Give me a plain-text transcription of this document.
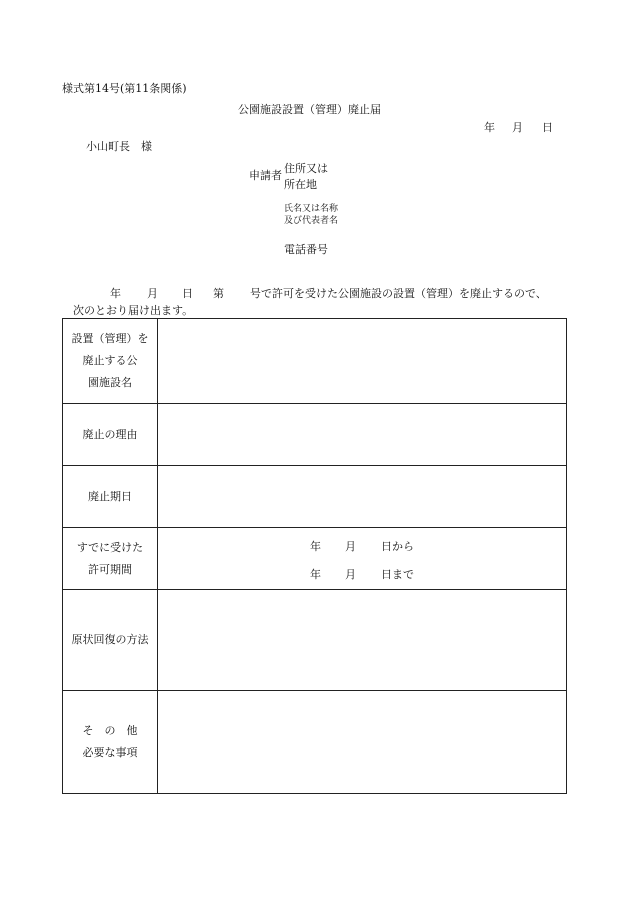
様式第14号(第11条関係)
公園施設設置（管理）廃止届
年 月 日
小山町長　様
申請者
住所又は
所在地
氏名又は名称
及び代表者名
電話番号
年 月 日 第 号で許可を受けた公園施設の設置（管理）を廃止するので、
次のとおり届け出ます。
設置（管理）を
廃止する公
園施設名
廃止の理由
廃止期日
すでに受けた
許可期間
年 月 日から
年 月 日まで
原状回復の方法
そ　の　他
必要な事項
